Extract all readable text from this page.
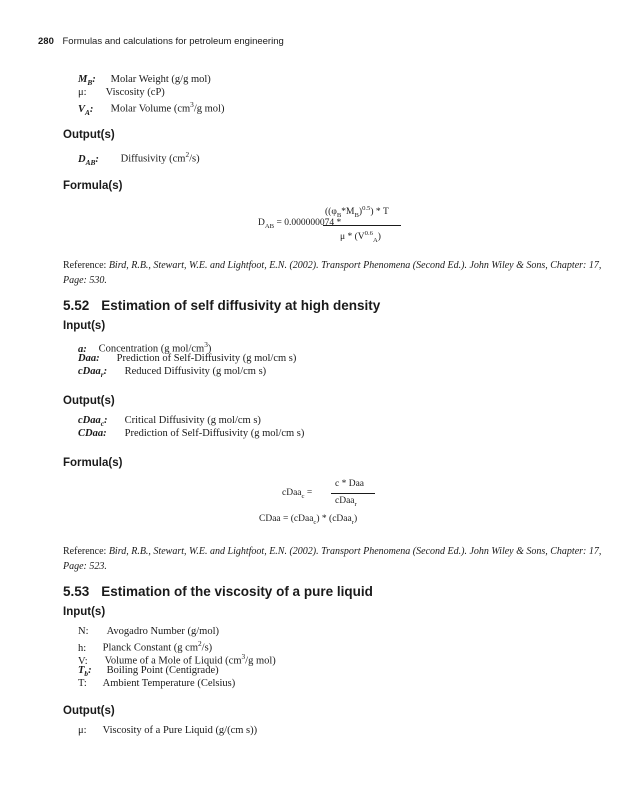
280 Formulas and calculations for petroleum engineering
$M_B$: Molar Weight (g/g mol)
μ: Viscosity (cP)
$V_A$: Molar Volume ($cm^3/g$ mol)
Output(s)
$D_{AB}$: Diffusivity $(cm^2/s)$
Formula(s)
$D_{AB} = 0.000000074$ *
$((\varphi_B*M_B)^{0.5})$ * T
μ * $(V^{0.6}_A)$
Reference: Bird, R.B., Stewart, W.E. and Lightfoot, E.N. (2002). Transport Phenomena (Second Ed.). John Wiley & Sons, Chapter: 17, Page: 530.
5.52 Estimation of self diffusivity at high density
Input(s)
a: Concentration (g mol/$cm^3$)
Daa: Prediction of Self-Diffusivity (g mol/cm s)
cDaa$_r$: Reduced Diffusivity (g mol/cm s)
Output(s)
cDaa$_c$: Critical Diffusivity (g mol/cm s)
CDaa: Prediction of Self-Diffusivity (g mol/cm s)
Formula(s)
cDaa$_c$ =
c * Daa
cDaa$_r$
CDaa = (cDaa$_c$) * (cDaa$_r$)
Reference: Bird, R.B., Stewart, W.E. and Lightfoot, E.N. (2002). Transport Phenomena (Second Ed.). John Wiley & Sons, Chapter: 17, Page: 523.
5.53 Estimation of the viscosity of a pure liquid
Input(s)
N: Avogadro Number (g/mol)
h: Planck Constant (g $cm^2/s$)
V: Volume of a Mole of Liquid ($cm^3/g$ mol)
$T_b$: Boiling Point (Centigrade)
T: Ambient Temperature (Celsius)
Output(s)
μ: Viscosity of a Pure Liquid (g/(cm s))
